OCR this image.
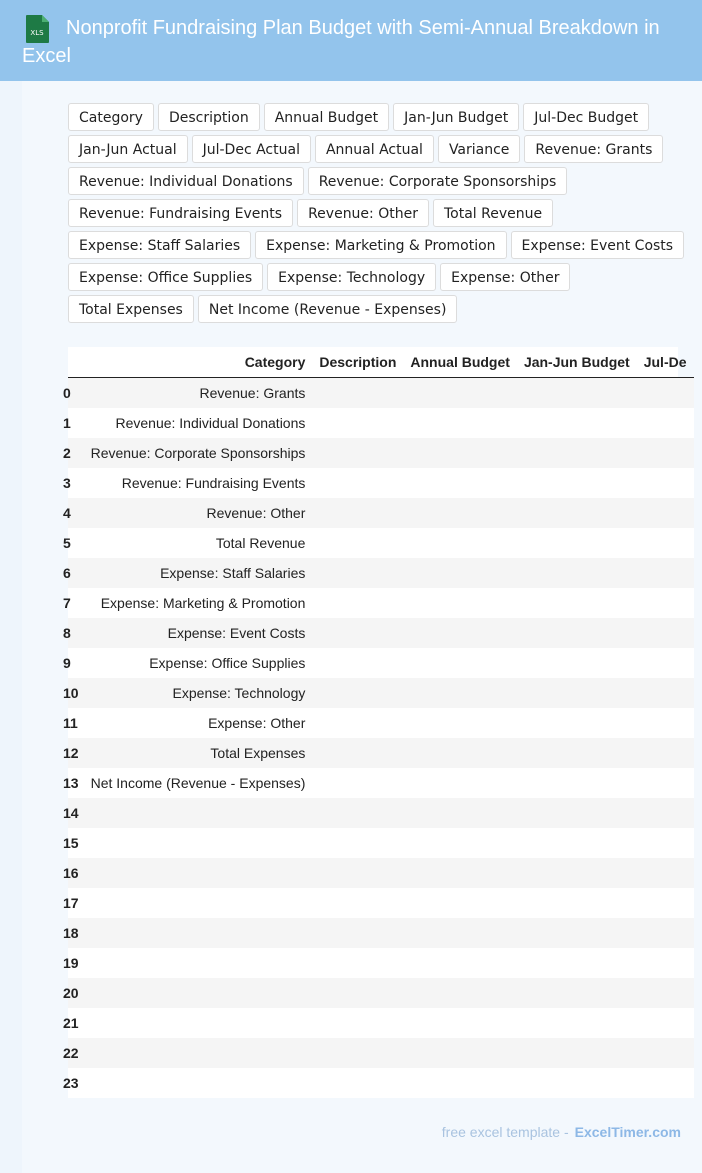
XLS	Nonprofit Fundraising Plan Budget with Semi-Annual Breakdown in Excel
Category	Description	Annual Budget	Jan-Jun Budget	Jul-Dec Budget
Jan-Jun Actual	Jul-Dec Actual	Annual Actual	Variance	Revenue: Grants
Revenue: Individual Donations	Revenue: Corporate Sponsorships
Revenue: Fundraising Events	Revenue: Other	Total Revenue
Expense: Staff Salaries	Expense: Marketing & Promotion	Expense: Event Costs
Expense: Office Supplies	Expense: Technology	Expense: Other
Total Expenses	Net Income (Revenue - Expenses)
	Category	Description	Annual Budget	Jan-Jun Budget	Jul-De
0	Revenue: Grants				
1	Revenue: Individual Donations				
2	Revenue: Corporate Sponsorships				
3	Revenue: Fundraising Events				
4	Revenue: Other				
5	Total Revenue				
6	Expense: Staff Salaries				
7	Expense: Marketing & Promotion				
8	Expense: Event Costs				
9	Expense: Office Supplies				
10	Expense: Technology				
11	Expense: Other				
12	Total Expenses				
13	Net Income (Revenue - Expenses)				
14					
15					
16					
17					
18					
19					
20					
21					
22					
23					
free excel template - ExcelTimer.com
